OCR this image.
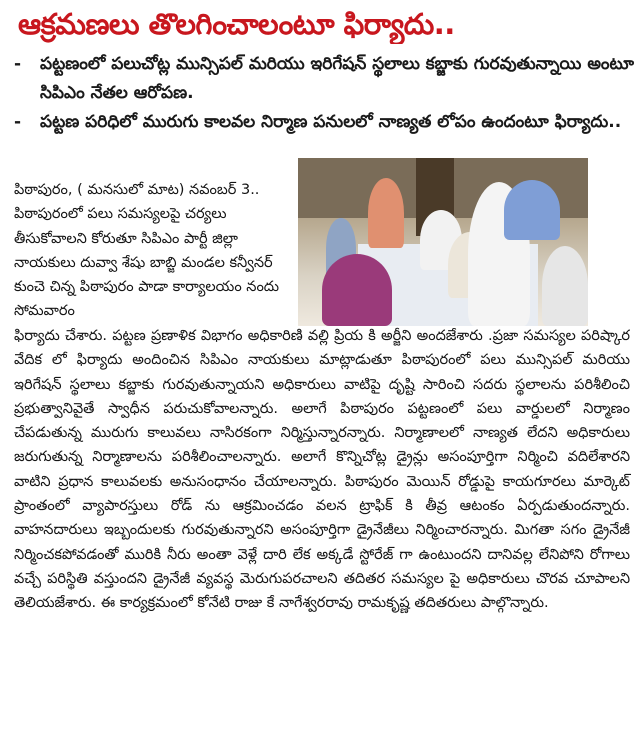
ఆక్రమణలు తొలగించాలంటూ ఫిర్యాదు..
- పట్టణంలో పలుచోట్ల మున్సిపల్ మరియు ఇరిగేషన్ స్థలాలు కబ్జాకు గురవుతున్నాయి అంటూ సిపిఎం నేతల ఆరోపణ.
- పట్టణ పరిధిలో మురుగు కాలవల నిర్మాణ పనులలో నాణ్యత లోపం ఉందంటూ ఫిర్యాదు..

పిఠాపురం, ( మనసులో మాట) నవంబర్ 3.. పిఠాపురంలో పలు సమస్యలపై చర్యలు తీసుకోవాలని కోరుతూ సిపిఎం పార్టీ జిల్లా నాయకులు దువ్వా శేషు బాబ్జి మండల కన్వీనర్ కుంచె చిన్న పిఠాపురం పాడా కార్యాలయం నందు సోమవారం

ఫిర్యాదు చేశారు. పట్టణ ప్రణాళిక విభాగం అధికారిణి వల్లి ప్రియ కి అర్జీని అందజేశారు .ప్రజా సమస్యల పరిష్కార వేదిక లో ఫిర్యాదు అందించిన సిపిఎం నాయకులు మాట్లాడుతూ పిఠాపురంలో పలు మున్సిపల్ మరియు ఇరిగేషన్ స్థలాలు కబ్జాకు గురవుతున్నాయని అధికారులు వాటిపై దృష్టి సారించి సదరు స్థలాలను పరిశీలించి ప్రభుత్వానివైతే స్వాధీన పరుచుకోవాలన్నారు. అలాగే పిఠాపురం పట్టణంలో పలు వార్డులలో నిర్మాణం చేపడుతున్న మురుగు కాలువలు నాసిరకంగా నిర్మిస్తున్నారన్నారు. నిర్మాణాలలో నాణ్యత లేదని అధికారులు జరుగుతున్న నిర్మాణాలను పరిశీలించాలన్నారు. అలాగే కొన్నిచోట్ల డ్రైన్లు అసంపూర్తిగా నిర్మించి వదిలేశారని వాటిని ప్రధాన కాలువలకు అనుసంధానం చేయాలన్నారు. పిఠాపురం మెయిన్ రోడ్డుపై కాయగూరలు మార్కెట్ ప్రాంతంలో వ్యాపారస్తులు రోడ్ ను ఆక్రమించడం వలన ట్రాఫిక్ కి తీవ్ర ఆటంకం ఏర్పడుతుందన్నారు. వాహనదారులు ఇబ్బందులకు గురవుతున్నారని అసంపూర్తిగా డ్రైనేజీలు నిర్మించారన్నారు. మిగతా సగం డ్రైనేజీ నిర్మించకపోవడంతో మురికి నీరు అంతా వెళ్లే దారి లేక అక్కడే స్టోరేజ్ గా ఉంటుందని దానివల్ల లేనిపోని రోగాలు వచ్చే పరిస్థితి వస్తుందని డ్రైనేజీ వ్యవస్థ మెరుగుపరచాలని తదితర సమస్యల పై అధికారులు చొరవ చూపాలని తెలియజేశారు. ఈ కార్యక్రమంలో కోనేటి రాజు కే నాగేశ్వరరావు రామకృష్ణ తదితరులు పాల్గొన్నారు.
